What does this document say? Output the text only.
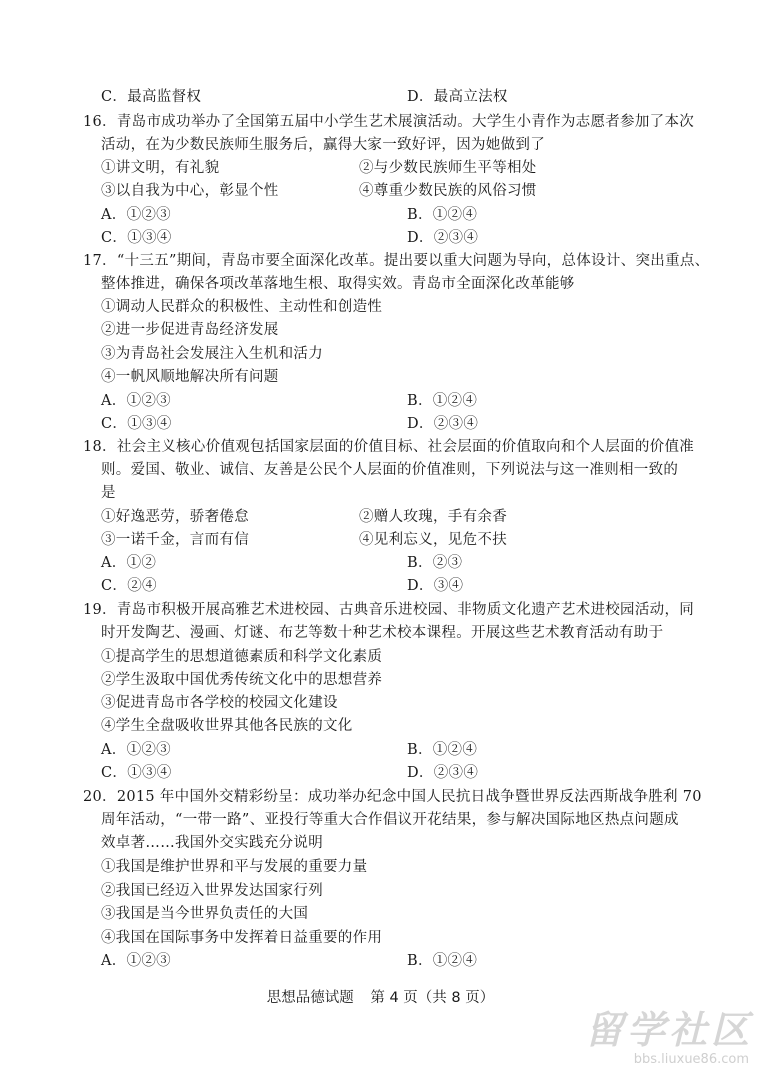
C．最高监督权	D．最高立法权
16．青岛市成功举办了全国第五届中小学生艺术展演活动。大学生小青作为志愿者参加了本次
活动，在为少数民族师生服务后，赢得大家一致好评，因为她做到了
①讲文明，有礼貌	②与少数民族师生平等相处
③以自我为中心，彰显个性	④尊重少数民族的风俗习惯
A．①②③	B．①②④
C．①③④	D．②③④
17．“十三五”期间，青岛市要全面深化改革。提出要以重大问题为导向，总体设计、突出重点、
整体推进，确保各项改革落地生根、取得实效。青岛市全面深化改革能够
①调动人民群众的积极性、主动性和创造性
②进一步促进青岛经济发展
③为青岛社会发展注入生机和活力
④一帆风顺地解决所有问题
A．①②③	B．①②④
C．①③④	D．②③④
18．社会主义核心价值观包括国家层面的价值目标、社会层面的价值取向和个人层面的价值准
则。爱国、敬业、诚信、友善是公民个人层面的价值准则，下列说法与这一准则相一致的
是
①好逸恶劳，骄奢倦怠	②赠人玫瑰，手有余香
③一诺千金，言而有信	④见利忘义，见危不扶
A．①②	B．②③
C．②④	D．③④
19．青岛市积极开展高雅艺术进校园、古典音乐进校园、非物质文化遗产艺术进校园活动，同
时开发陶艺、漫画、灯谜、布艺等数十种艺术校本课程。开展这些艺术教育活动有助于
①提高学生的思想道德素质和科学文化素质
②学生汲取中国优秀传统文化中的思想营养
③促进青岛市各学校的校园文化建设
④学生全盘吸收世界其他各民族的文化
A．①②③	B．①②④
C．①③④	D．②③④
20．2015 年中国外交精彩纷呈：成功举办纪念中国人民抗日战争暨世界反法西斯战争胜利 70
周年活动，“一带一路”、亚投行等重大合作倡议开花结果，参与解决国际地区热点问题成
效卓著……我国外交实践充分说明
①我国是维护世界和平与发展的重要力量
②我国已经迈入世界发达国家行列
③我国是当今世界负责任的大国
④我国在国际事务中发挥着日益重要的作用
A．①②③	B．①②④
思想品德试题 第 4 页（共 8 页）
留学社区
bbs.liuxue86.com
